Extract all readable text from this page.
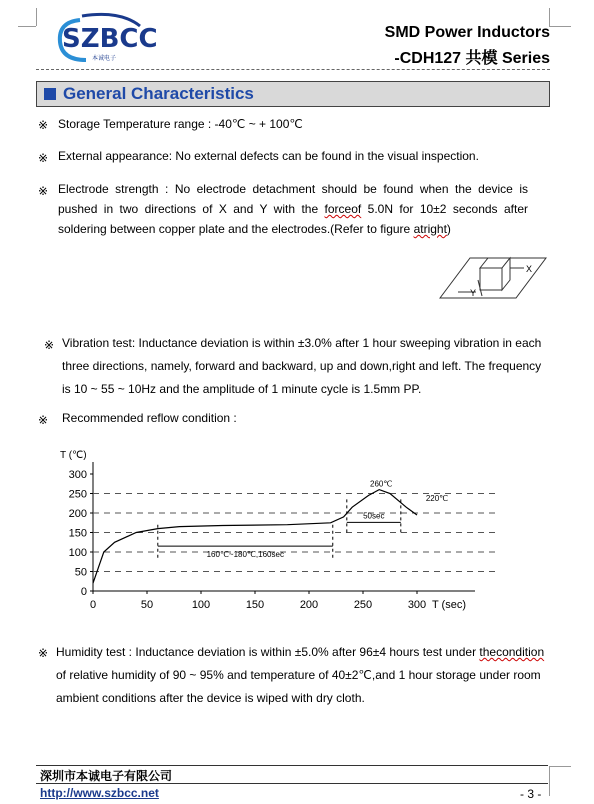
SZBCC
本诚电子
SMD Power Inductors
-CDH127 共模 Series
General Characteristics
※ Storage Temperature range : -40℃ ~ + 100℃
※ External appearance: No external defects can be found in the visual inspection.
※ Electrode strength : No electrode detachment should be found when the device is
pushed in two directions of X and Y with the forceof 5.0N for 10±2 seconds after
soldering between copper plate and the electrodes.(Refer to figure atright)
X
Y
※ Vibration test: Inductance deviation is within ±3.0% after 1 hour sweeping vibration in each
three directions, namely, forward and backward, up and down,right and left. The frequency
is 10 ~ 55 ~ 10Hz and the amplitude of 1 minute cycle is 1.5mm PP.
※ Recommended reflow condition :
0
50
100
150
200
250
300
0	50	100	150	200	250	300
T (℃)
T (sec)
160℃~180℃,160sec
50sec
260℃
220℃
※ Humidity test : Inductance deviation is within ±5.0% after 96±4 hours test under thecondition
of relative humidity of 90 ~ 95% and temperature of 40±2℃,and 1 hour storage under room
ambient conditions after the device is wiped with dry cloth.
深圳市本诚电子有限公司
http://www.szbcc.net	- 3 -
